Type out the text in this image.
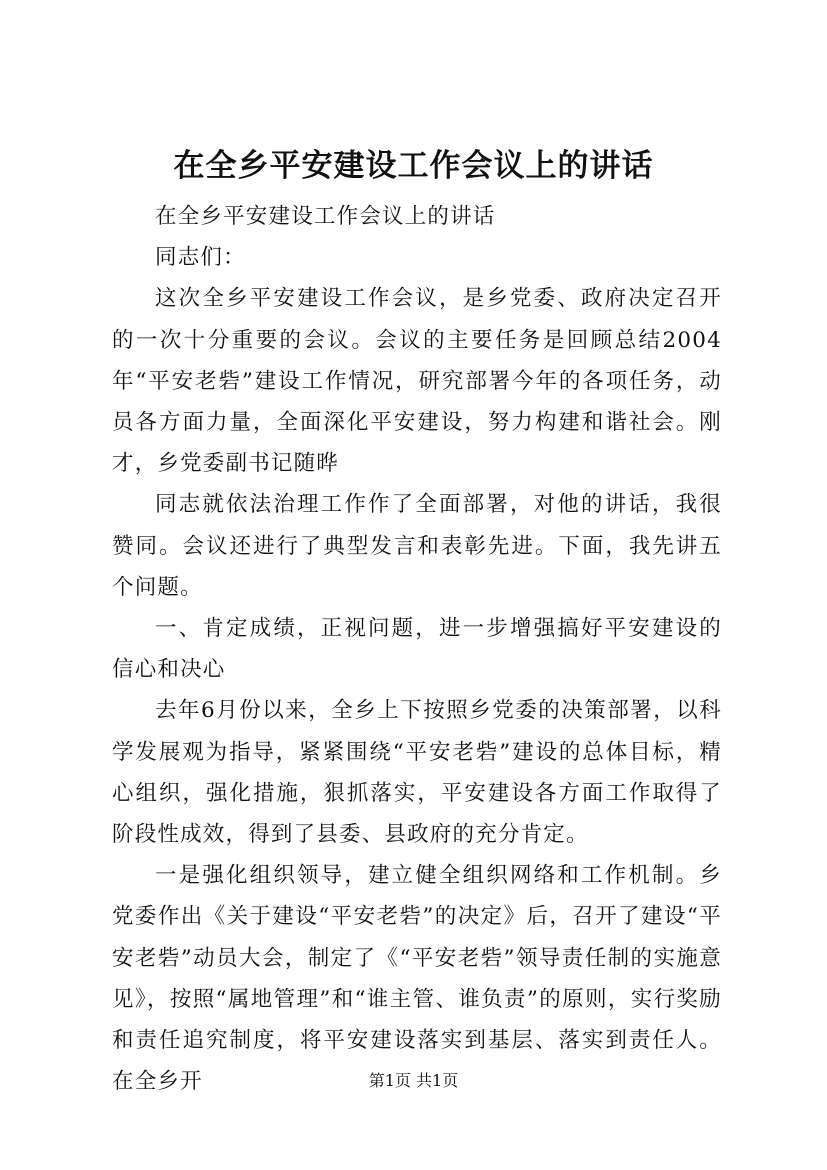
在全乡平安建设工作会议上的讲话

在全乡平安建设工作会议上的讲话

同志们：

这次全乡平安建设工作会议，是乡党委、政府决定召开的一次十分重要的会议。会议的主要任务是回顾总结2004年“平安老砦”建设工作情况，研究部署今年的各项任务，动员各方面力量，全面深化平安建设，努力构建和谐社会。刚才，乡党委副书记随晔

同志就依法治理工作作了全面部署，对他的讲话，我很赞同。会议还进行了典型发言和表彰先进。下面，我先讲五个问题。

一、肯定成绩，正视问题，进一步增强搞好平安建设的信心和决心

去年6月份以来，全乡上下按照乡党委的决策部署，以科学发展观为指导，紧紧围绕“平安老砦”建设的总体目标，精心组织，强化措施，狠抓落实，平安建设各方面工作取得了阶段性成效，得到了县委、县政府的充分肯定。

一是强化组织领导，建立健全组织网络和工作机制。乡党委作出《关于建设“平安老砦”的决定》后，召开了建设“平安老砦”动员大会，制定了《“平安老砦”领导责任制的实施意见》，按照“属地管理”和“谁主管、谁负责”的原则，实行奖励和责任追究制度，将平安建设落实到基层、落实到责任人。在全乡开	第1页 共1页
